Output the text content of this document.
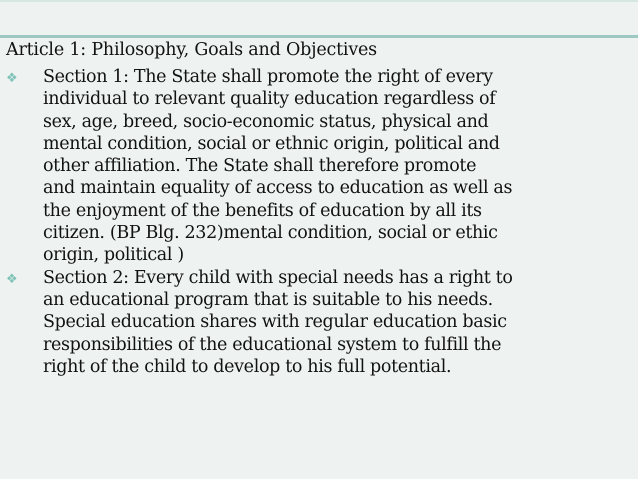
Article 1: Philosophy, Goals and Objectives
❖ Section 1: The State shall promote the right of every
individual to relevant quality education regardless of
sex, age, breed, socio-economic status, physical and
mental condition, social or ethnic origin, political and
other affiliation. The State shall therefore promote
and maintain equality of access to education as well as
the enjoyment of the benefits of education by all its
citizen. (BP Blg. 232)mental condition, social or ethic
origin, political )
❖ Section 2: Every child with special needs has a right to
an educational program that is suitable to his needs.
Special education shares with regular education basic
responsibilities of the educational system to fulfill the
right of the child to develop to his full potential.
